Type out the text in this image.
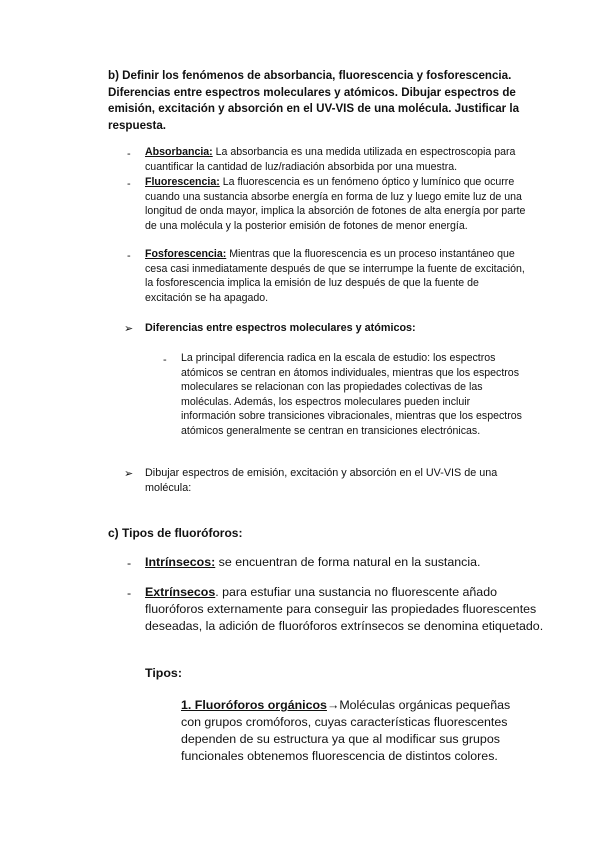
b) Definir los fenómenos de absorbancia, fluorescencia y fosforescencia. Diferencias entre espectros moleculares y atómicos. Dibujar espectros de emisión, excitación y absorción en el UV-VIS de una molécula. Justificar la respuesta.
- Absorbancia: La absorbancia es una medida utilizada en espectroscopia para cuantificar la cantidad de luz/radiación absorbida por una muestra.
- Fluorescencia: La fluorescencia es un fenómeno óptico y lumínico que ocurre cuando una sustancia absorbe energía en forma de luz y luego emite luz de una longitud de onda mayor, implica la absorción de fotones de alta energía por parte de una molécula y la posterior emisión de fotones de menor energía.
- Fosforescencia: Mientras que la fluorescencia es un proceso instantáneo que cesa casi inmediatamente después de que se interrumpe la fuente de excitación, la fosforescencia implica la emisión de luz después de que la fuente de excitación se ha apagado.
➢ Diferencias entre espectros moleculares y atómicos:
- La principal diferencia radica en la escala de estudio: los espectros atómicos se centran en átomos individuales, mientras que los espectros moleculares se relacionan con las propiedades colectivas de las moléculas. Además, los espectros moleculares pueden incluir información sobre transiciones vibracionales, mientras que los espectros atómicos generalmente se centran en transiciones electrónicas.
➢ Dibujar espectros de emisión, excitación y absorción en el UV-VIS de una molécula:
c) Tipos de fluoróforos:
- Intrínsecos: se encuentran de forma natural en la sustancia.
- Extrínsecos. para estufiar una sustancia no fluorescente añado fluoróforos externamente para conseguir las propiedades fluorescentes deseadas, la adición de fluoróforos extrínsecos se denomina etiquetado.
Tipos:
1. Fluoróforos orgánicos→Moléculas orgánicas pequeñas con grupos cromóforos, cuyas características fluorescentes dependen de su estructura ya que al modificar sus grupos funcionales obtenemos fluorescencia de distintos colores.
